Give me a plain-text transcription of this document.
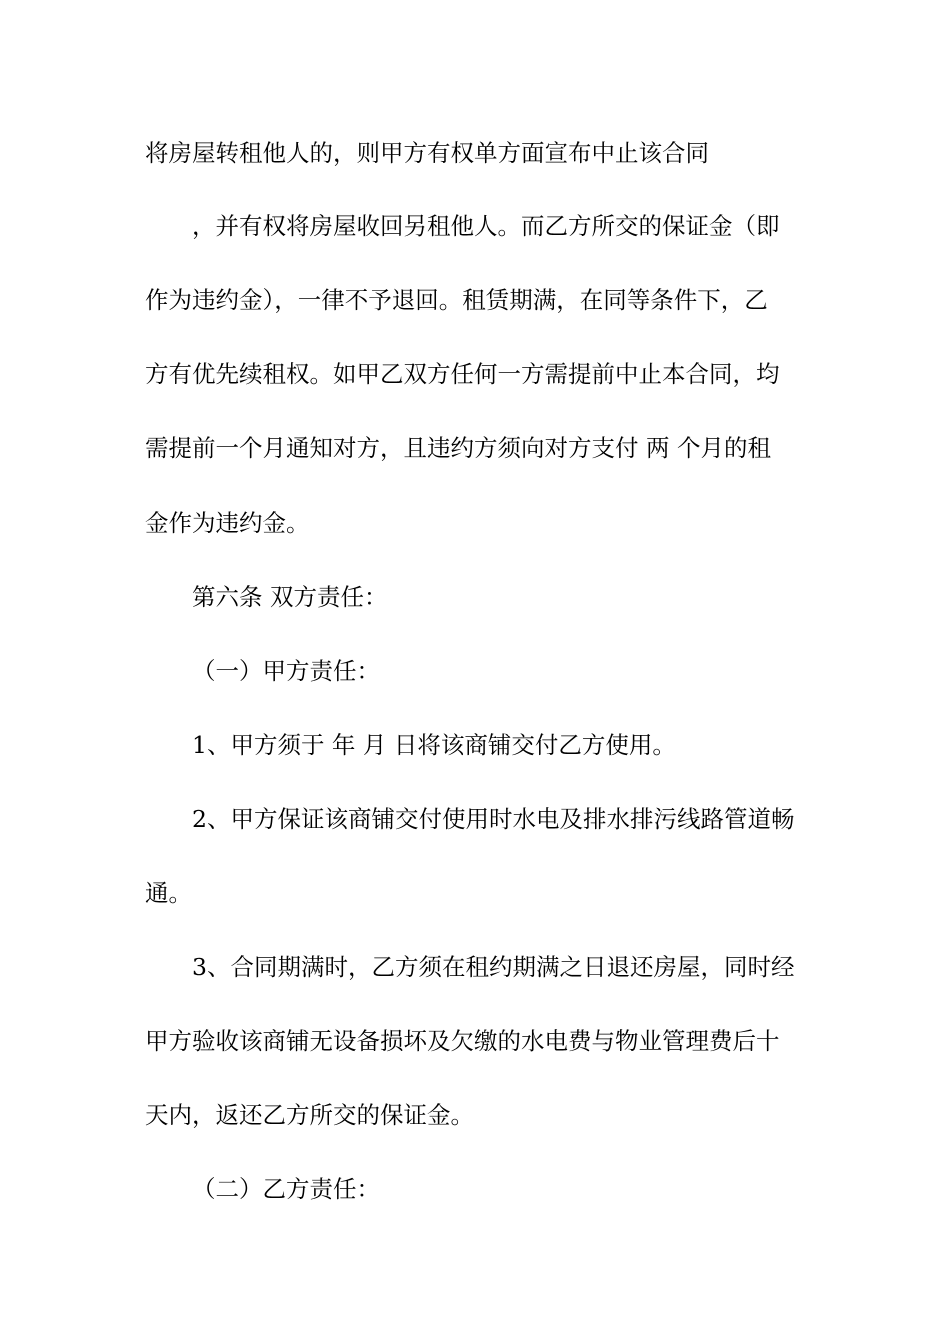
将房屋转租他人的，则甲方有权单方面宣布中止该合同
，并有权将房屋收回另租他人。而乙方所交的保证金（即
作为违约金），一律不予退回。租赁期满，在同等条件下，乙
方有优先续租权。如甲乙双方任何一方需提前中止本合同，均
需提前一个月通知对方，且违约方须向对方支付 两 个月的租
金作为违约金。
第六条 双方责任：
（一）甲方责任：
1、甲方须于 年 月 日将该商铺交付乙方使用。
2、甲方保证该商铺交付使用时水电及排水排污线路管道畅
通。
3、合同期满时，乙方须在租约期满之日退还房屋，同时经
甲方验收该商铺无设备损坏及欠缴的水电费与物业管理费后十
天内，返还乙方所交的保证金。
（二）乙方责任：
